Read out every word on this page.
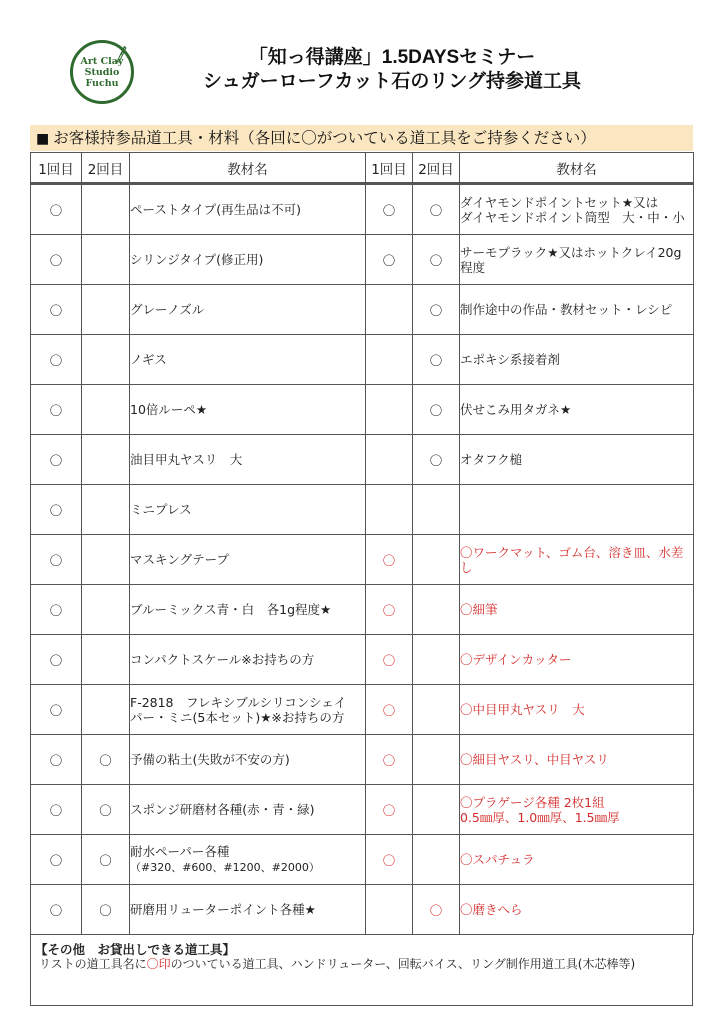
Art Clay
Studio
Fuchu
「知っ得講座」1.5DAYSセミナー
シュガーローフカット石のリング持参道工具
■ お客様持参品道工具・材料（各回に〇がついている道工具をご持参ください）
1回目	2回目	教材名	1回目	2回目	教材名
〇		ペーストタイプ(再生品は不可)	〇	〇	ダイヤモンドポイントセット★又は
ダイヤモンドポイント筒型　大・中・小
〇		シリンジタイプ(修正用)	〇	〇	サーモプラック★又はホットクレイ20g程度
〇		グレーノズル		〇	制作途中の作品・教材セット・レシピ
〇		ノギス		〇	エポキシ系接着剤
〇		10倍ルーペ★		〇	伏せこみ用タガネ★
〇		油目甲丸ヤスリ　大		〇	オタフク槌
〇		ミニプレス			
〇		マスキングテープ	〇		〇ワークマット、ゴム台、溶き皿、水差し
〇		ブルーミックス青・白　各1g程度★	〇		〇細筆
〇		コンパクトスケール※お持ちの方	〇		〇デザインカッター
〇		F-2818　フレキシブルシリコンシェイ
パー・ミニ(5本セット)★※お持ちの方	〇		〇中目甲丸ヤスリ　大
〇	〇	予備の粘土(失敗が不安の方)	〇		〇細目ヤスリ、中目ヤスリ
〇	〇	スポンジ研磨材各種(赤・青・緑)	〇		〇プラゲージ各種 2枚1組
0.5㎜厚、1.0㎜厚、1.5㎜厚
〇	〇	耐水ペーパー各種
（#320、#600、#1200、#2000）	〇		〇スパチュラ
〇	〇	研磨用リューターポイント各種★		〇	〇磨きへら
【その他　お貸出しできる道工具】
リストの道工具名に〇印のついている道工具、ハンドリューター、回転バイス、リング制作用道工具(木芯棒等)
